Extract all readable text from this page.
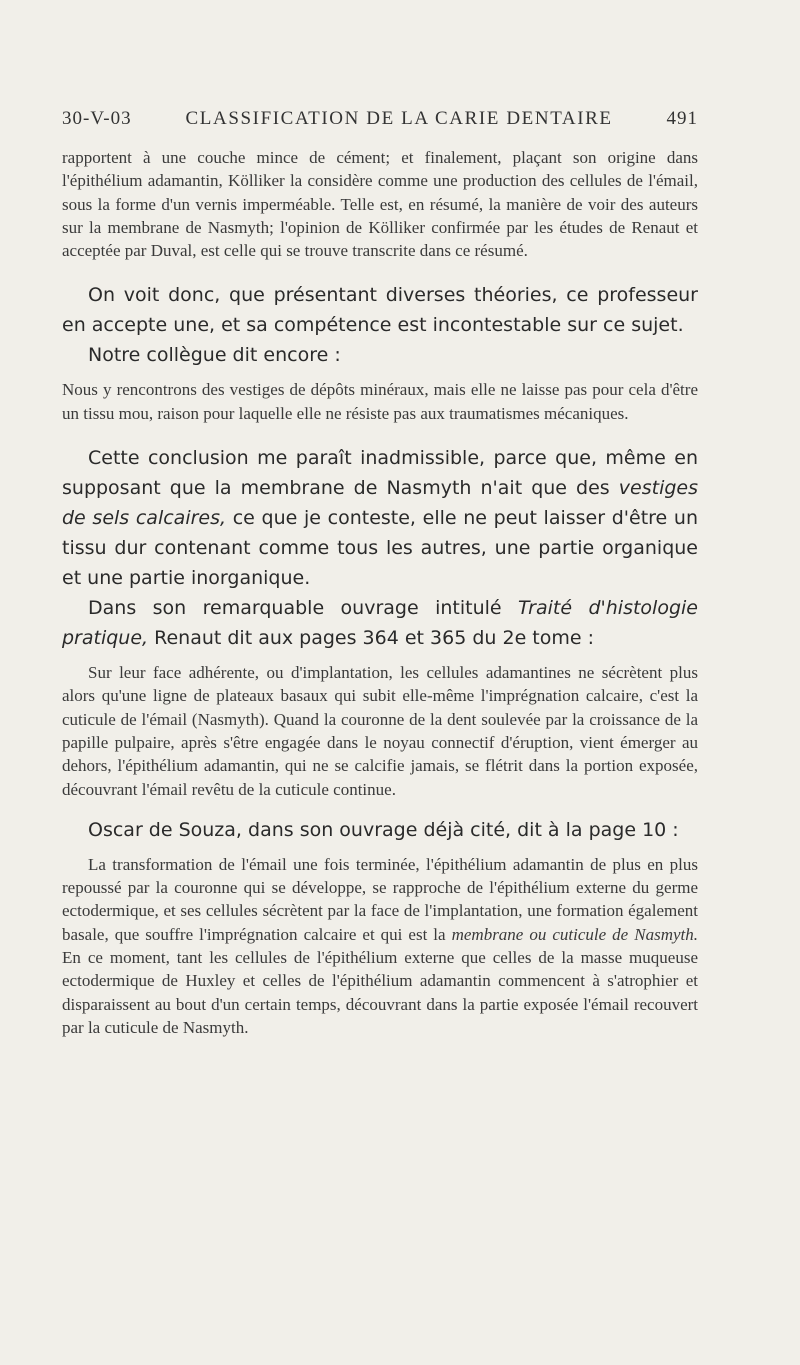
30-V-03	CLASSIFICATION DE LA CARIE DENTAIRE	491

rapportent à une couche mince de cément; et finalement, plaçant son origine dans l'épithélium adamantin, Kölliker la considère comme une production des cellules de l'émail, sous la forme d'un vernis imperméable. Telle est, en résumé, la manière de voir des auteurs sur la membrane de Nasmyth; l'opinion de Kölliker confirmée par les études de Renaut et acceptée par Duval, est celle qui se trouve transcrite dans ce résumé.

On voit donc, que présentant diverses théories, ce professeur en accepte une, et sa compétence est incontestable sur ce sujet.

Notre collègue dit encore :

Nous y rencontrons des vestiges de dépôts minéraux, mais elle ne laisse pas pour cela d'être un tissu mou, raison pour laquelle elle ne résiste pas aux traumatismes mécaniques.

Cette conclusion me paraît inadmissible, parce que, même en supposant que la membrane de Nasmyth n'ait que des vestiges de sels calcaires, ce que je conteste, elle ne peut laisser d'être un tissu dur contenant comme tous les autres, une partie organique et une partie inorganique.

Dans son remarquable ouvrage intitulé Traité d'histologie pratique, Renaut dit aux pages 364 et 365 du 2e tome :

Sur leur face adhérente, ou d'implantation, les cellules adamantines ne sécrètent plus alors qu'une ligne de plateaux basaux qui subit elle-même l'imprégnation calcaire, c'est la cuticule de l'émail (Nasmyth). Quand la couronne de la dent soulevée par la croissance de la papille pulpaire, après s'être engagée dans le noyau connectif d'éruption, vient émerger au dehors, l'épithélium adamantin, qui ne se calcifie jamais, se flétrit dans la portion exposée, découvrant l'émail revêtu de la cuticule continue.

Oscar de Souza, dans son ouvrage déjà cité, dit à la page 10 :

La transformation de l'émail une fois terminée, l'épithélium adamantin de plus en plus repoussé par la couronne qui se développe, se rapproche de l'épithélium externe du germe ectodermique, et ses cellules sécrètent par la face de l'implantation, une formation également basale, que souffre l'imprégnation calcaire et qui est la membrane ou cuticule de Nasmyth. En ce moment, tant les cellules de l'épithélium externe que celles de la masse muqueuse ectodermique de Huxley et celles de l'épithélium adamantin commencent à s'atrophier et disparaissent au bout d'un certain temps, découvrant dans la partie exposée l'émail recouvert par la cuticule de Nasmyth.
